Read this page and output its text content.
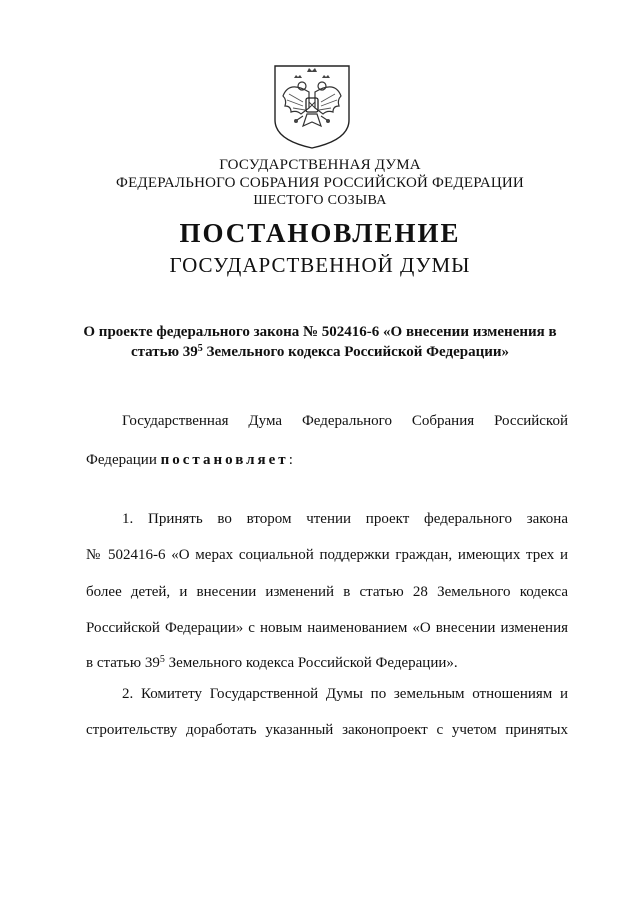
ГОСУДАРСТВЕННАЯ ДУМА
ФЕДЕРАЛЬНОГО СОБРАНИЯ РОССИЙСКОЙ ФЕДЕРАЦИИ
ШЕСТОГО СОЗЫВА
ПОСТАНОВЛЕНИЕ
ГОСУДАРСТВЕННОЙ ДУМЫ
О проекте федерального закона № 502416-6 «О внесении изменения в
статью $39^5$ Земельного кодекса Российской Федерации»
Государственная Дума Федерального Собрания Российской
Федерации постановляет:
1. Принять во втором чтении проект федерального закона
№ 502416-6 «О мерах социальной поддержки граждан, имеющих трех и
более детей, и внесении изменений в статью 28 Земельного кодекса
Российской Федерации» с новым наименованием «О внесении изменения
в статью $39^5$ Земельного кодекса Российской Федерации».
2. Комитету Государственной Думы по земельным отношениям и
строительству доработать указанный законопроект с учетом принятых
